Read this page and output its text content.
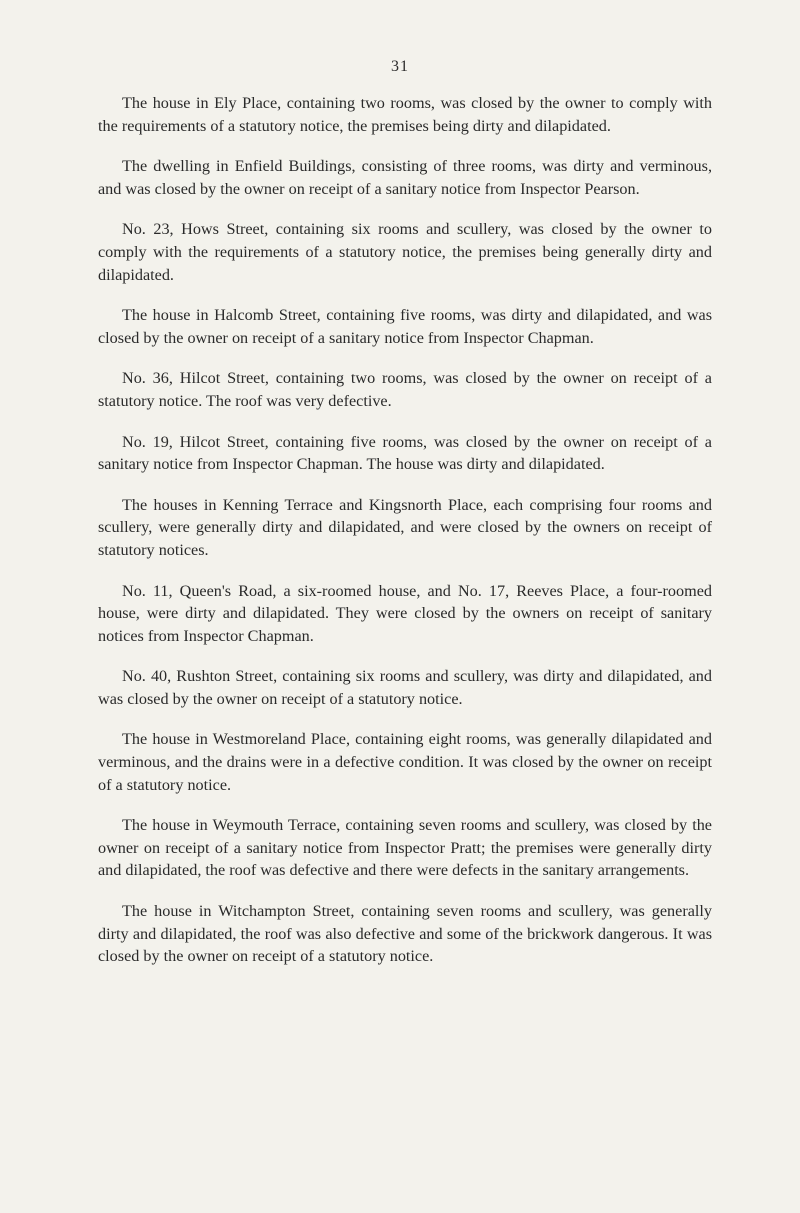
31

The house in Ely Place, containing two rooms, was closed by the owner to comply with the requirements of a statutory notice, the premises being dirty and dilapidated.

The dwelling in Enfield Buildings, consisting of three rooms, was dirty and verminous, and was closed by the owner on receipt of a sanitary notice from Inspector Pearson.

No. 23, Hows Street, containing six rooms and scullery, was closed by the owner to comply with the requirements of a statutory notice, the premises being generally dirty and dilapidated.

The house in Halcomb Street, containing five rooms, was dirty and dilapidated, and was closed by the owner on receipt of a sanitary notice from Inspector Chapman.

No. 36, Hilcot Street, containing two rooms, was closed by the owner on receipt of a statutory notice. The roof was very defective.

No. 19, Hilcot Street, containing five rooms, was closed by the owner on receipt of a sanitary notice from Inspector Chapman. The house was dirty and dilapidated.

The houses in Kenning Terrace and Kingsnorth Place, each comprising four rooms and scullery, were generally dirty and dilapidated, and were closed by the owners on receipt of statutory notices.

No. 11, Queen's Road, a six-roomed house, and No. 17, Reeves Place, a four-roomed house, were dirty and dilapidated. They were closed by the owners on receipt of sanitary notices from Inspector Chapman.

No. 40, Rushton Street, containing six rooms and scullery, was dirty and dilapidated, and was closed by the owner on receipt of a statutory notice.

The house in Westmoreland Place, containing eight rooms, was generally dilapidated and verminous, and the drains were in a defective condition. It was closed by the owner on receipt of a statutory notice.

The house in Weymouth Terrace, containing seven rooms and scullery, was closed by the owner on receipt of a sanitary notice from Inspector Pratt; the premises were generally dirty and dilapidated, the roof was defective and there were defects in the sanitary arrangements.

The house in Witchampton Street, containing seven rooms and scullery, was generally dirty and dilapidated, the roof was also defective and some of the brickwork dangerous. It was closed by the owner on receipt of a statutory notice.
